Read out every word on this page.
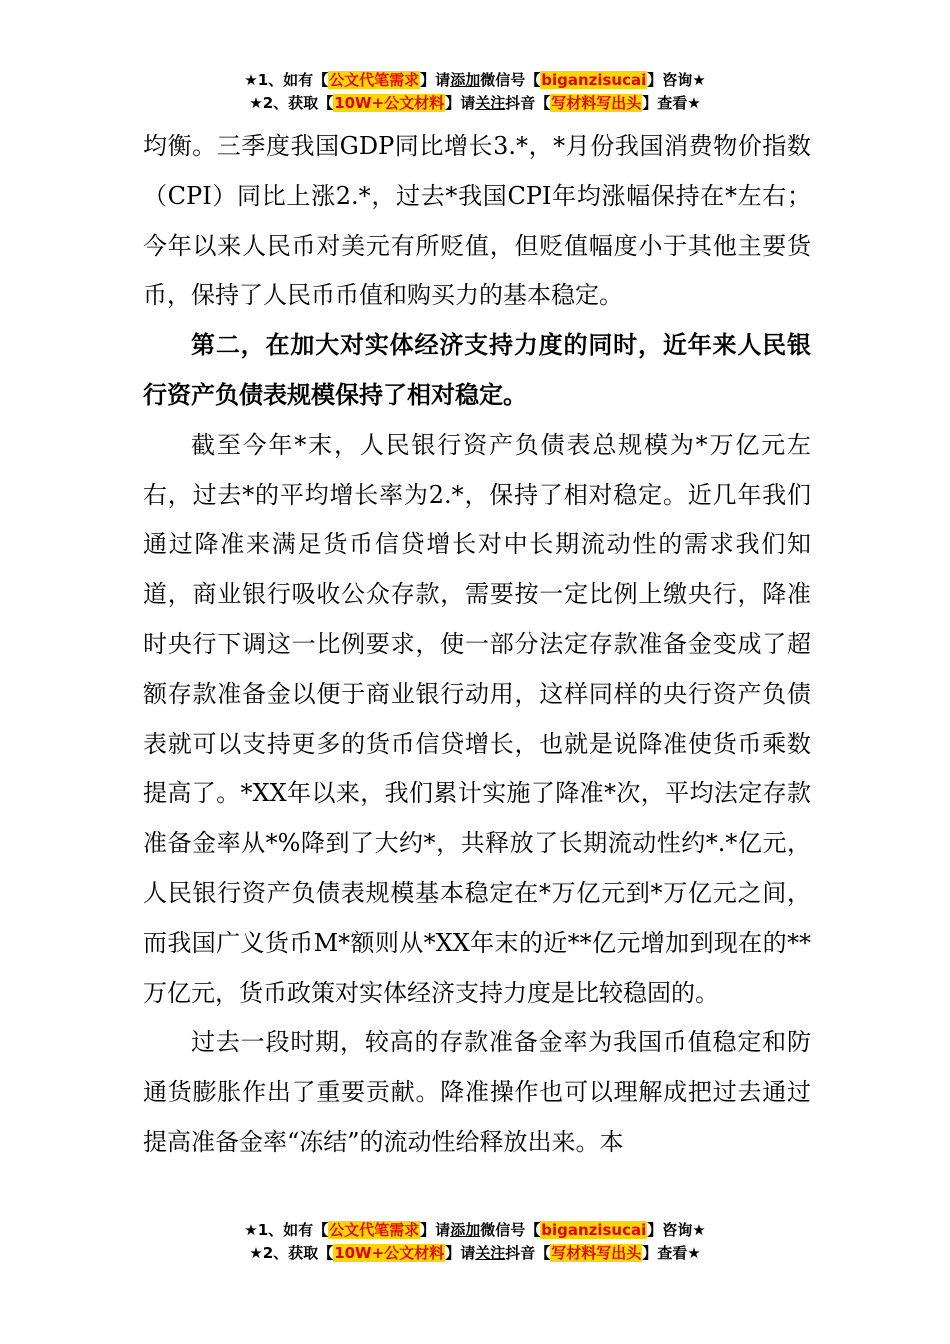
★1、如有【公文代笔需求】请添加微信号【biganzisucai】咨询★
★2、获取【10W+公文材料】请关注抖音【写材料写出头】查看★

均衡。三季度我国GDP同比增长3.*，*月份我国消费物价指数（CPI）同比上涨2.*，过去*我国CPI年均涨幅保持在*左右；今年以来人民币对美元有所贬值，但贬值幅度小于其他主要货币，保持了人民币币值和购买力的基本稳定。

第二，在加大对实体经济支持力度的同时，近年来人民银行资产负债表规模保持了相对稳定。

截至今年*末，人民银行资产负债表总规模为*万亿元左右，过去*的平均增长率为2.*，保持了相对稳定。近几年我们通过降准来满足货币信贷增长对中长期流动性的需求我们知道，商业银行吸收公众存款，需要按一定比例上缴央行，降准时央行下调这一比例要求，使一部分法定存款准备金变成了超额存款准备金以便于商业银行动用，这样同样的央行资产负债表就可以支持更多的货币信贷增长，也就是说降准使货币乘数提高了。*XX年以来，我们累计实施了降准*次，平均法定存款准备金率从*%降到了大约*，共释放了长期流动性约*.*亿元，人民银行资产负债表规模基本稳定在*万亿元到*万亿元之间，而我国广义货币M*额则从*XX年末的近**亿元增加到现在的**万亿元，货币政策对实体经济支持力度是比较稳固的。

过去一段时期，较高的存款准备金率为我国币值稳定和防通货膨胀作出了重要贡献。降准操作也可以理解成把过去通过提高准备金率“冻结”的流动性给释放出来。本

★1、如有【公文代笔需求】请添加微信号【biganzisucai】咨询★
★2、获取【10W+公文材料】请关注抖音【写材料写出头】查看★
